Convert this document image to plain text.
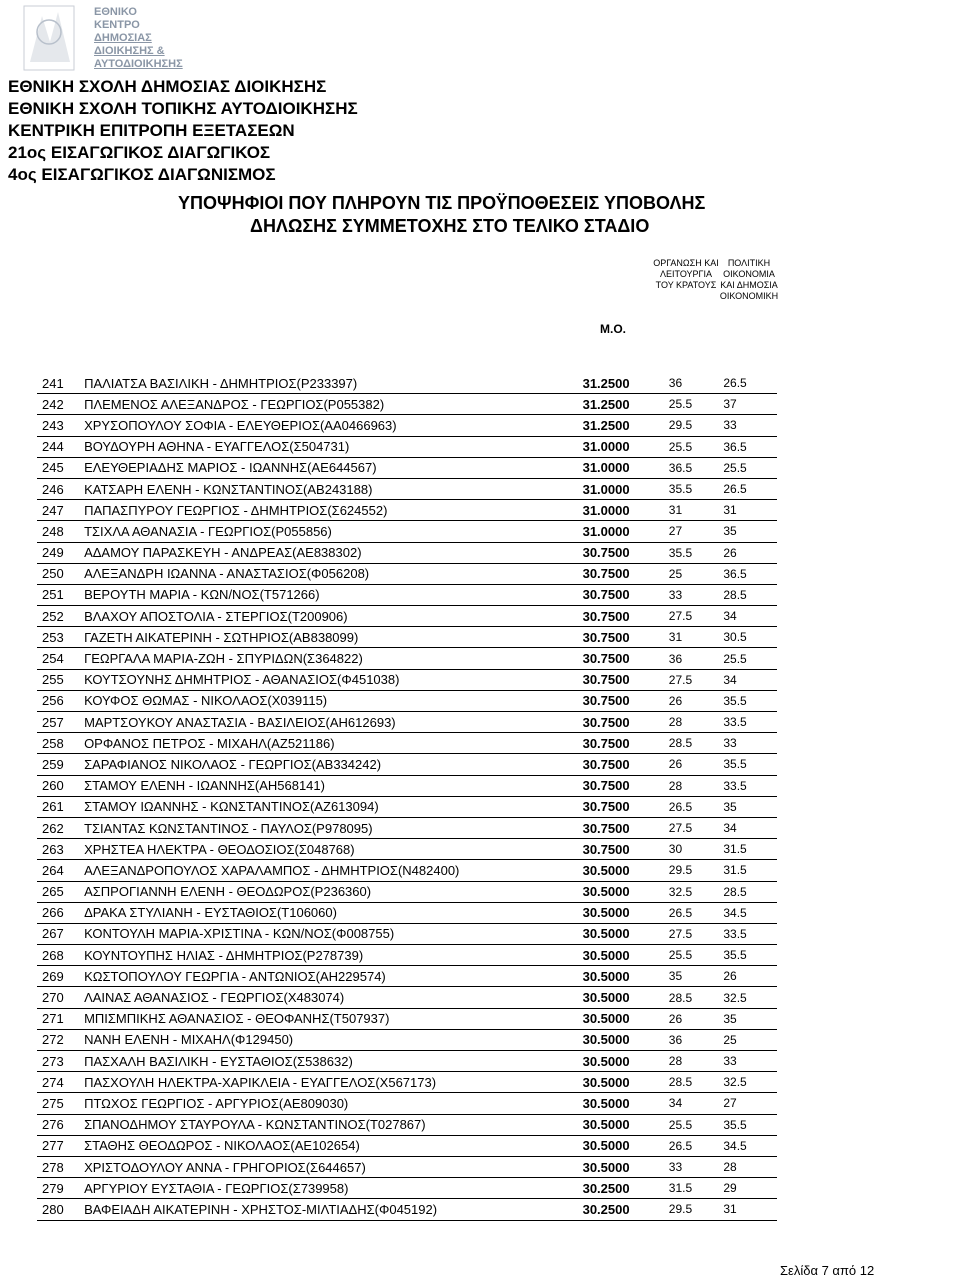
ΕΘΝΙΚΟ
ΚΕΝΤΡΟ
ΔΗΜΟΣΙΑΣ
ΔΙΟΙΚΗΣΗΣ &
ΑΥΤΟΔΙΟΙΚΗΣΗΣ
ΕΘΝΙΚΗ ΣΧΟΛΗ ΔΗΜΟΣΙΑΣ ΔΙΟΙΚΗΣΗΣ
ΕΘΝΙΚΗ ΣΧΟΛΗ ΤΟΠΙΚΗΣ ΑΥΤΟΔΙΟΙΚΗΣΗΣ
ΚΕΝΤΡΙΚΗ ΕΠΙΤΡΟΠΗ ΕΞΕΤΑΣΕΩΝ
21ος ΕΙΣΑΓΩΓΙΚΟΣ ΔΙΑΓΩΓΙΚΟΣ
4ος ΕΙΣΑΓΩΓΙΚΟΣ ΔΙΑΓΩΝΙΣΜΟΣ
ΥΠΟΨΗΦΙΟΙ ΠΟΥ ΠΛΗΡΟΥΝ ΤΙΣ ΠΡΟΫΠΟΘΕΣΕΙΣ ΥΠΟΒΟΛΗΣ
ΔΗΛΩΣΗΣ ΣΥΜΜΕΤΟΧΗΣ ΣΤΟ ΤΕΛΙΚΟ ΣΤΑΔΙΟ
ΟΡΓΑΝΩΣΗ ΚΑΙ
ΛΕΙΤΟΥΡΓΙΑ
ΤΟΥ ΚΡΑΤΟΥΣ
ΠΟΛΙΤΙΚΗ
ΟΙΚΟΝΟΜΙΑ
ΚΑΙ ΔΗΜΟΣΙΑ
ΟΙΚΟΝΟΜΙΚΗ
Μ.Ο.
241	ΠΑΛΙΑΤΣΑ ΒΑΣΙΛΙΚΗ - ΔΗΜΗΤΡΙΟΣ(Ρ233397)	31.2500	36	26.5
242	ΠΛΕΜΕΝΟΣ ΑΛΕΞΑΝΔΡΟΣ - ΓΕΩΡΓΙΟΣ(Ρ055382)	31.2500	25.5	37
243	ΧΡΥΣΟΠΟΥΛΟΥ ΣΟΦΙΑ - ΕΛΕΥΘΕΡΙΟΣ(ΑΑ0466963)	31.2500	29.5	33
244	ΒΟΥΔΟΥΡΗ ΑΘΗΝΑ - ΕΥΑΓΓΕΛΟΣ(Σ504731)	31.0000	25.5	36.5
245	ΕΛΕΥΘΕΡΙΑΔΗΣ ΜΑΡΙΟΣ - ΙΩΑΝΝΗΣ(ΑΕ644567)	31.0000	36.5	25.5
246	ΚΑΤΣΑΡΗ ΕΛΕΝΗ - ΚΩΝΣΤΑΝΤΙΝΟΣ(ΑΒ243188)	31.0000	35.5	26.5
247	ΠΑΠΑΣΠΥΡΟΥ ΓΕΩΡΓΙΟΣ - ΔΗΜΗΤΡΙΟΣ(Σ624552)	31.0000	31	31
248	ΤΣΙΧΛΑ ΑΘΑΝΑΣΙΑ - ΓΕΩΡΓΙΟΣ(Ρ055856)	31.0000	27	35
249	ΑΔΑΜΟΥ ΠΑΡΑΣΚΕΥΗ - ΑΝΔΡΕΑΣ(ΑΕ838302)	30.7500	35.5	26
250	ΑΛΕΞΑΝΔΡΗ ΙΩΑΝΝΑ - ΑΝΑΣΤΑΣΙΟΣ(Φ056208)	30.7500	25	36.5
251	ΒΕΡΟΥΤΗ ΜΑΡΙΑ - ΚΩΝ/ΝΟΣ(Τ571266)	30.7500	33	28.5
252	ΒΛΑΧΟΥ ΑΠΟΣΤΟΛΙΑ - ΣΤΕΡΓΙΟΣ(Τ200906)	30.7500	27.5	34
253	ΓΑΖΕΤΗ ΑΙΚΑΤΕΡΙΝΗ - ΣΩΤΗΡΙΟΣ(ΑΒ838099)	30.7500	31	30.5
254	ΓΕΩΡΓΑΛΑ ΜΑΡΙΑ-ΖΩΗ - ΣΠΥΡΙΔΩΝ(Σ364822)	30.7500	36	25.5
255	ΚΟΥΤΣΟΥΝΗΣ ΔΗΜΗΤΡΙΟΣ - ΑΘΑΝΑΣΙΟΣ(Φ451038)	30.7500	27.5	34
256	ΚΟΥΦΟΣ ΘΩΜΑΣ - ΝΙΚΟΛΑΟΣ(Χ039115)	30.7500	26	35.5
257	ΜΑΡΤΣΟΥΚΟΥ ΑΝΑΣΤΑΣΙΑ - ΒΑΣΙΛΕΙΟΣ(ΑΗ612693)	30.7500	28	33.5
258	ΟΡΦΑΝΟΣ ΠΕΤΡΟΣ - ΜΙΧΑΗΛ(ΑΖ521186)	30.7500	28.5	33
259	ΣΑΡΑΦΙΑΝΟΣ ΝΙΚΟΛΑΟΣ - ΓΕΩΡΓΙΟΣ(ΑΒ334242)	30.7500	26	35.5
260	ΣΤΑΜΟΥ ΕΛΕΝΗ - ΙΩΑΝΝΗΣ(ΑΗ568141)	30.7500	28	33.5
261	ΣΤΑΜΟΥ ΙΩΑΝΝΗΣ - ΚΩΝΣΤΑΝΤΙΝΟΣ(ΑΖ613094)	30.7500	26.5	35
262	ΤΣΙΑΝΤΑΣ ΚΩΝΣΤΑΝΤΙΝΟΣ - ΠΑΥΛΟΣ(Ρ978095)	30.7500	27.5	34
263	ΧΡΗΣΤΕΑ ΗΛΕΚΤΡΑ - ΘΕΟΔΟΣΙΟΣ(Σ048768)	30.7500	30	31.5
264	ΑΛΕΞΑΝΔΡΟΠΟΥΛΟΣ ΧΑΡΑΛΑΜΠΟΣ - ΔΗΜΗΤΡΙΟΣ(Ν482400)	30.5000	29.5	31.5
265	ΑΣΠΡΟΓΙΑΝΝΗ ΕΛΕΝΗ - ΘΕΟΔΩΡΟΣ(Ρ236360)	30.5000	32.5	28.5
266	ΔΡΑΚΑ ΣΤΥΛΙΑΝΗ - ΕΥΣΤΑΘΙΟΣ(Τ106060)	30.5000	26.5	34.5
267	ΚΟΝΤΟΥΛΗ ΜΑΡΙΑ-ΧΡΙΣΤΙΝΑ - ΚΩΝ/ΝΟΣ(Φ008755)	30.5000	27.5	33.5
268	ΚΟΥΝΤΟΥΠΗΣ ΗΛΙΑΣ - ΔΗΜΗΤΡΙΟΣ(Ρ278739)	30.5000	25.5	35.5
269	ΚΩΣΤΟΠΟΥΛΟΥ ΓΕΩΡΓΙΑ - ΑΝΤΩΝΙΟΣ(ΑΗ229574)	30.5000	35	26
270	ΛΑΙΝΑΣ ΑΘΑΝΑΣΙΟΣ - ΓΕΩΡΓΙΟΣ(Χ483074)	30.5000	28.5	32.5
271	ΜΠΙΣΜΠΙΚΗΣ ΑΘΑΝΑΣΙΟΣ - ΘΕΟΦΑΝΗΣ(Τ507937)	30.5000	26	35
272	ΝΑΝΗ ΕΛΕΝΗ - ΜΙΧΑΗΛ(Φ129450)	30.5000	36	25
273	ΠΑΣΧΑΛΗ ΒΑΣΙΛΙΚΗ - ΕΥΣΤΑΘΙΟΣ(Σ538632)	30.5000	28	33
274	ΠΑΣΧΟΥΛΗ ΗΛΕΚΤΡΑ-ΧΑΡΙΚΛΕΙΑ - ΕΥΑΓΓΕΛΟΣ(Χ567173)	30.5000	28.5	32.5
275	ΠΤΩΧΟΣ ΓΕΩΡΓΙΟΣ - ΑΡΓΥΡΙΟΣ(ΑΕ809030)	30.5000	34	27
276	ΣΠΑΝΟΔΗΜΟΥ ΣΤΑΥΡΟΥΛΑ - ΚΩΝΣΤΑΝΤΙΝΟΣ(Τ027867)	30.5000	25.5	35.5
277	ΣΤΑΘΗΣ ΘΕΟΔΩΡΟΣ - ΝΙΚΟΛΑΟΣ(ΑΕ102654)	30.5000	26.5	34.5
278	ΧΡΙΣΤΟΔΟΥΛΟΥ ΑΝΝΑ - ΓΡΗΓΟΡΙΟΣ(Σ644657)	30.5000	33	28
279	ΑΡΓΥΡΙΟΥ ΕΥΣΤΑΘΙΑ - ΓΕΩΡΓΙΟΣ(Σ739958)	30.2500	31.5	29
280	ΒΑΦΕΙΑΔΗ ΑΙΚΑΤΕΡΙΝΗ - ΧΡΗΣΤΟΣ-ΜΙΛΤΙΑΔΗΣ(Φ045192)	30.2500	29.5	31
Σελίδα 7 από 12
